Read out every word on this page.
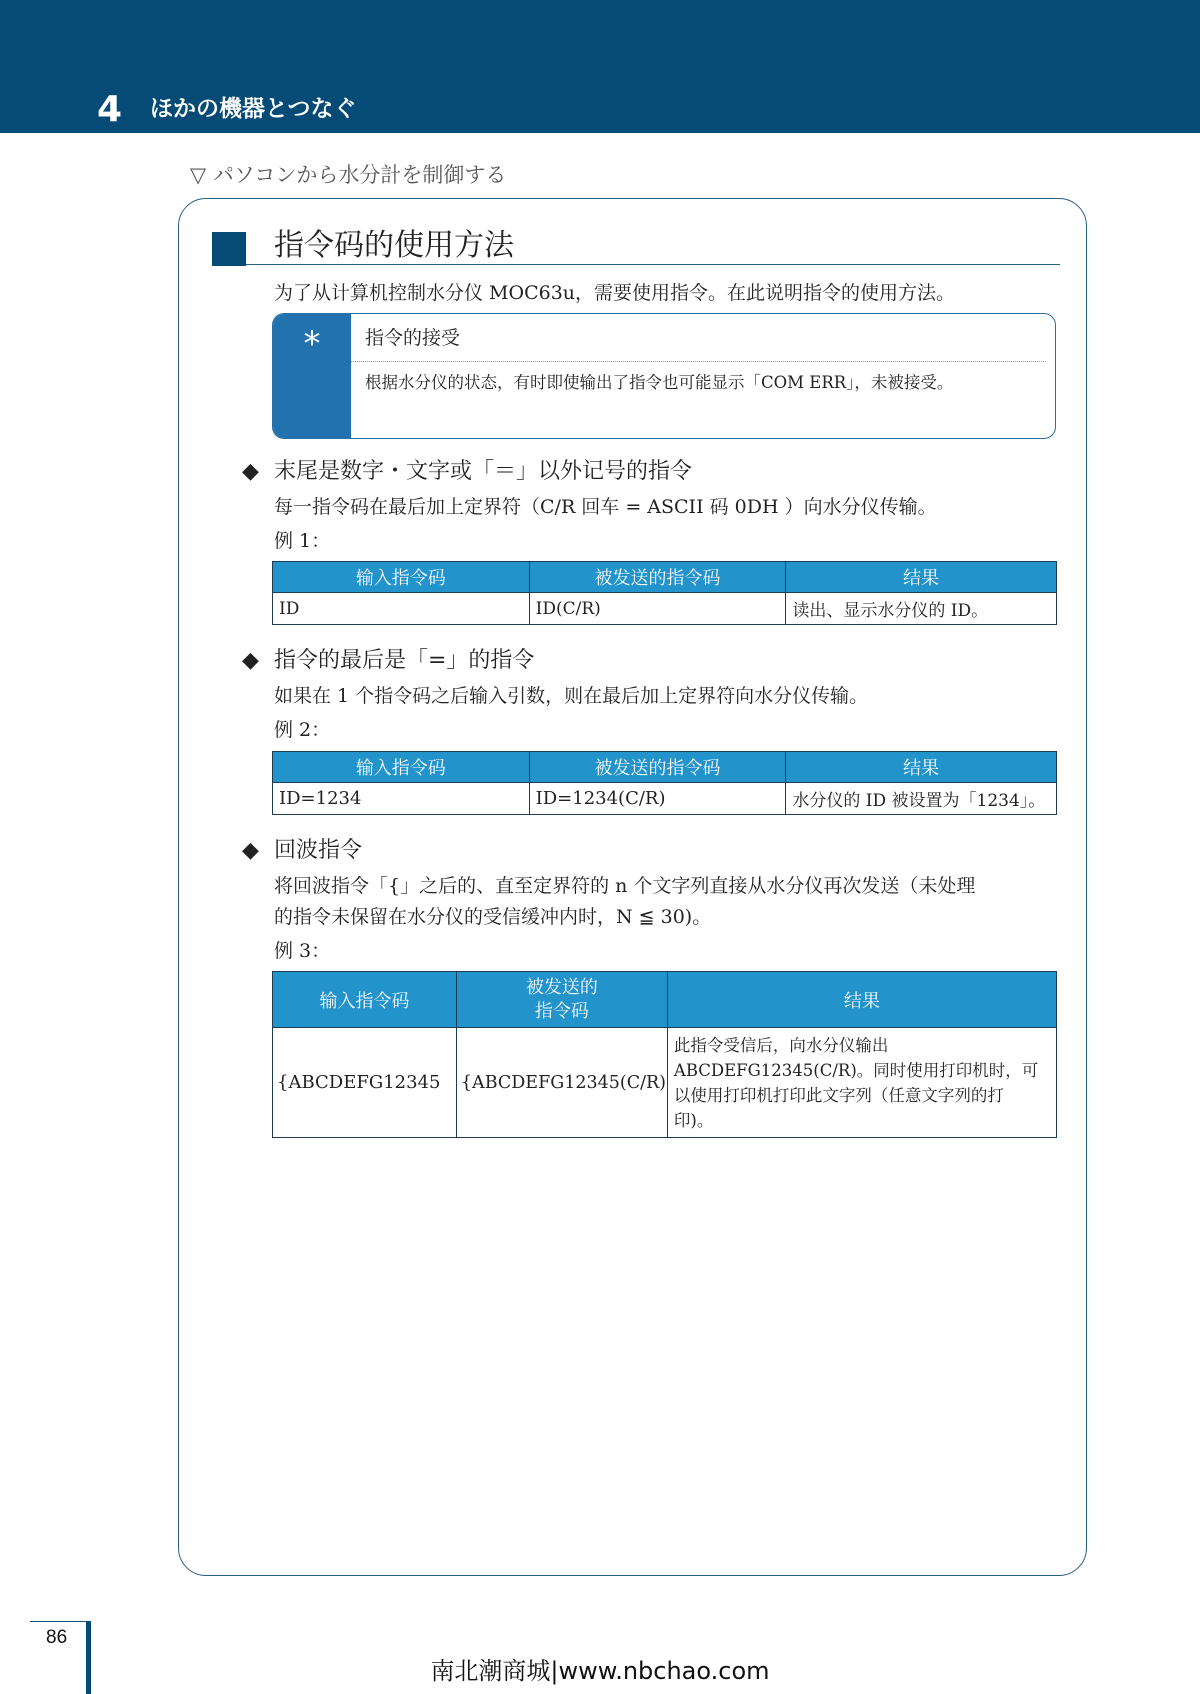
4 ほかの機器とつなぐ
▽ パソコンから水分計を制御する
指令码的使用方法
为了从计算机控制水分仪 MOC63u，需要使用指令。在此说明指令的使用方法。
*	指令的接受
根据水分仪的状态，有时即使输出了指令也可能显示「COM ERR」，未被接受。
◆ 末尾是数字・文字或「＝」以外记号的指令
每一指令码在最后加上定界符（C/R 回车 = ASCII 码 0DH ）向水分仪传输。
例 1：
输入指令码	被发送的指令码	结果
ID	ID(C/R)	读出、显示水分仪的 ID。
◆ 指令的最后是「=」的指令
如果在 1 个指令码之后输入引数，则在最后加上定界符向水分仪传输。
例 2：
输入指令码	被发送的指令码	结果
ID=1234	ID=1234(C/R)	水分仪的 ID 被设置为「1234」。
◆ 回波指令
将回波指令「{」之后的、直至定界符的 n 个文字列直接从水分仪再次发送（未处理
的指令未保留在水分仪的受信缓冲内时，N ≦ 30)。
例 3：
输入指令码	被发送的
指令码	结果
{ABCDEFG12345	{ABCDEFG12345(C/R)	此指令受信后，向水分仪输出
ABCDEFG12345(C/R)。同时使用打印机时，可
以使用打印机打印此文字列（任意文字列的打
印)。
86
南北潮商城|www.nbchao.com
